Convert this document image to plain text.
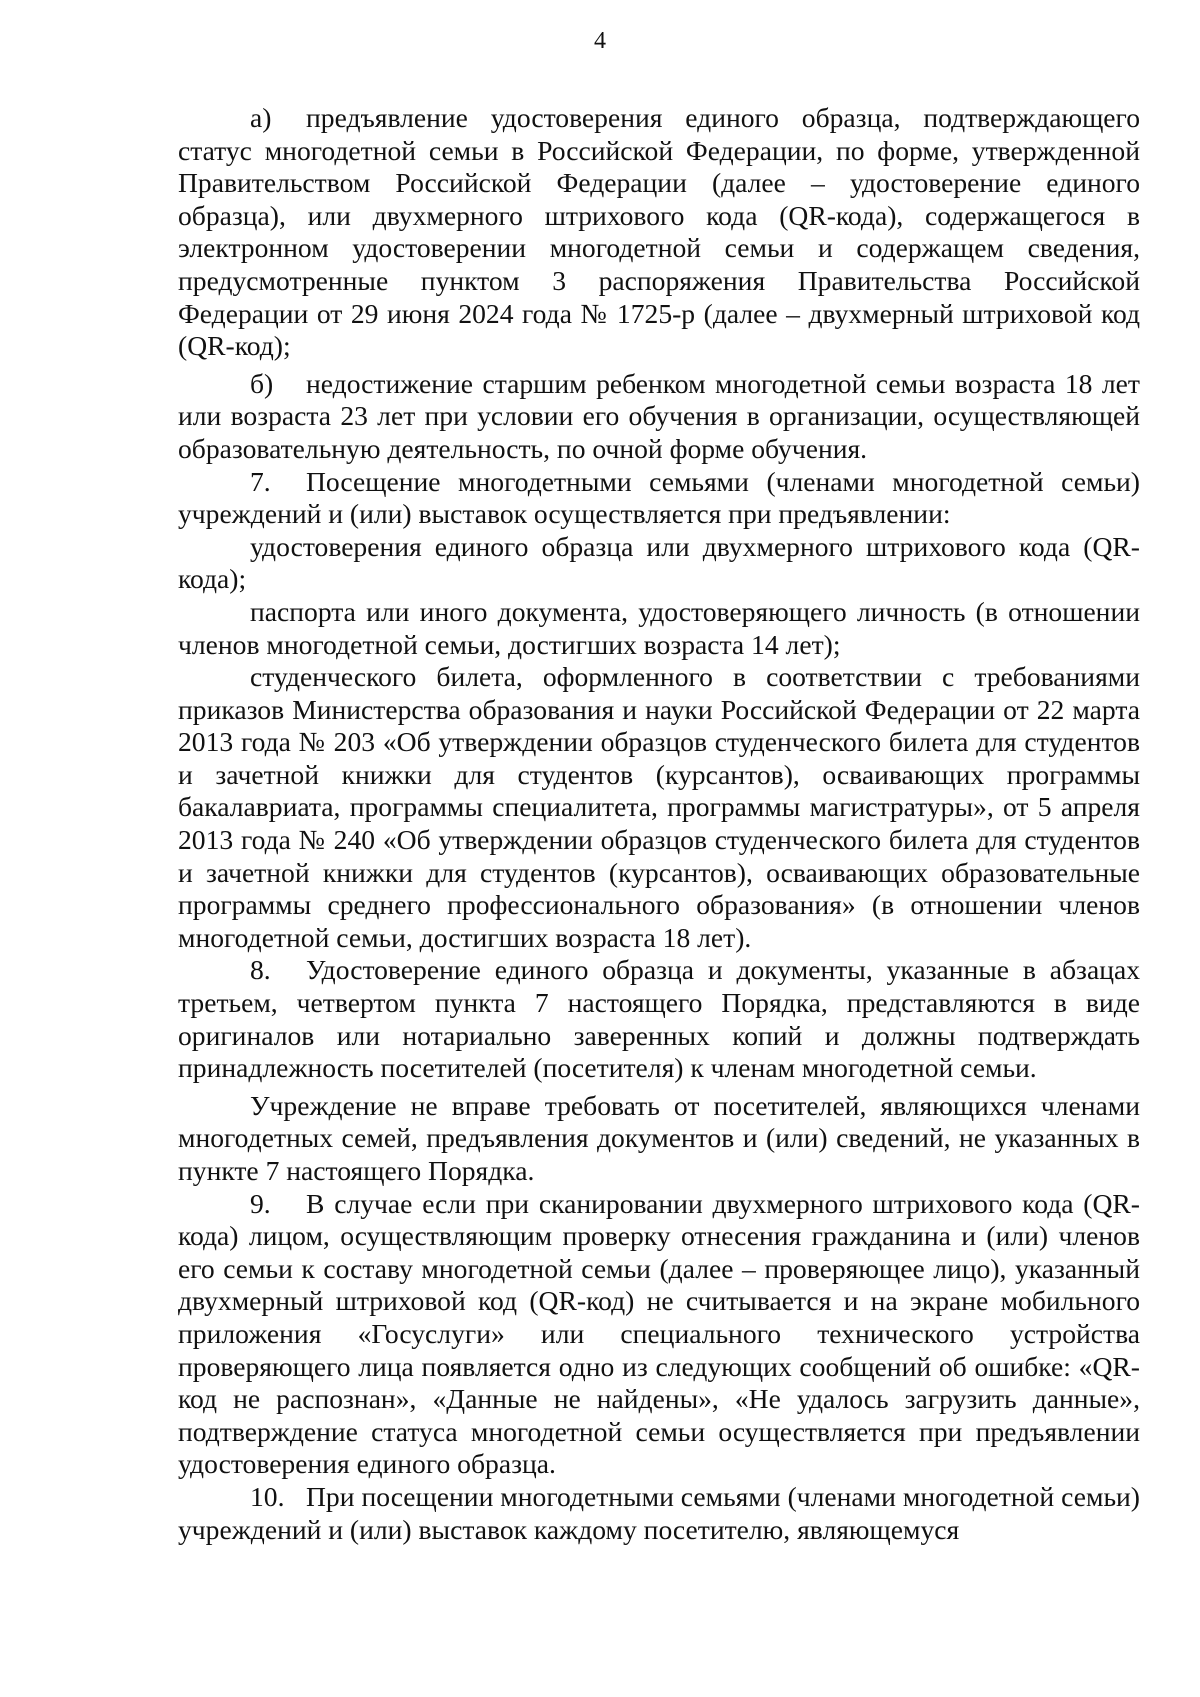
4

а) предъявление удостоверения единого образца, подтверждающего статус многодетной семьи в Российской Федерации, по форме, утвержденной Правительством Российской Федерации (далее – удостоверение единого образца), или двухмерного штрихового кода (QR-кода), содержащегося в электронном удостоверении многодетной семьи и содержащем сведения, предусмотренные пунктом 3 распоряжения Правительства Российской Федерации от 29 июня 2024 года № 1725-р (далее – двухмерный штриховой код (QR-код);

б) недостижение старшим ребенком многодетной семьи возраста 18 лет или возраста 23 лет при условии его обучения в организации, осуществляющей образовательную деятельность, по очной форме обучения.

7. Посещение многодетными семьями (членами многодетной семьи) учреждений и (или) выставок осуществляется при предъявлении:

удостоверения единого образца или двухмерного штрихового кода (QR-кода);

паспорта или иного документа, удостоверяющего личность (в отношении членов многодетной семьи, достигших возраста 14 лет);

студенческого билета, оформленного в соответствии с требованиями приказов Министерства образования и науки Российской Федерации от 22 марта 2013 года № 203 «Об утверждении образцов студенческого билета для студентов и зачетной книжки для студентов (курсантов), осваивающих программы бакалавриата, программы специалитета, программы магистратуры», от 5 апреля 2013 года № 240 «Об утверждении образцов студенческого билета для студентов и зачетной книжки для студентов (курсантов), осваивающих образовательные программы среднего профессионального образования» (в отношении членов многодетной семьи, достигших возраста 18 лет).

8. Удостоверение единого образца и документы, указанные в абзацах третьем, четвертом пункта 7 настоящего Порядка, представляются в виде оригиналов или нотариально заверенных копий и должны подтверждать принадлежность посетителей (посетителя) к членам многодетной семьи.

Учреждение не вправе требовать от посетителей, являющихся членами многодетных семей, предъявления документов и (или) сведений, не указанных в пункте 7 настоящего Порядка.

9. В случае если при сканировании двухмерного штрихового кода (QR-кода) лицом, осуществляющим проверку отнесения гражданина и (или) членов его семьи к составу многодетной семьи (далее – проверяющее лицо), указанный двухмерный штриховой код (QR-код) не считывается и на экране мобильного приложения «Госуслуги» или специального технического устройства проверяющего лица появляется одно из следующих сообщений об ошибке: «QR-код не распознан», «Данные не найдены», «Не удалось загрузить данные», подтверждение статуса многодетной семьи осуществляется при предъявлении удостоверения единого образца.

10. При посещении многодетными семьями (членами многодетной семьи) учреждений и (или) выставок каждому посетителю, являющемуся
